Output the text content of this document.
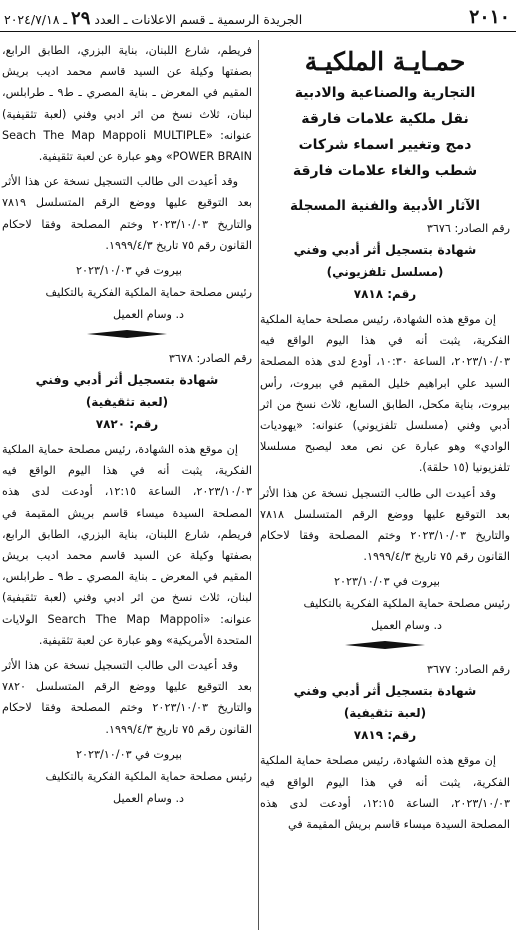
٢٠١٠
الجريدة الرسمية ـ قسم الاعلانات ـ العدد ٢٩ ـ ٢٠٢٤/٧/١٨
حمـايـة الملكيـة
التجارية والصناعية والادبية
نقل ملكية علامات فارقة
دمج وتغيير اسماء شركات
شطب والغاء علامات فارقة
الآثار الأدبية والفنية المسجلة
رقم الصادر: ٣٦٧٦
شهادة بتسجيل أثر أدبي وفني
(مسلسل تلفزيوني)
رقم: ٧٨١٨

إن موقع هذه الشهادة، رئيس مصلحة حماية الملكية الفكرية، يثبت أنه في هذا اليوم الواقع فيه ٢٠٢٣/١٠/٠٣، الساعة ١٠:٣٠، أودع لدى هذه المصلحة السيد علي ابراهيم خليل المقيم في بيروت، رأس بيروت، بناية مكحل، الطابق السابع، ثلاث نسخ من اثر أدبي وفني (مسلسل تلفزيوني) عنوانه: «يهوديات الوادي» وهو عبارة عن نص معد ليصبح مسلسلا تلفزيونيا (١٥ حلقة).

وقد أعيدت الى طالب التسجيل نسخة عن هذا الأثر بعد التوقيع عليها ووضع الرقم المتسلسل ٧٨١٨ والتاريخ ٢٠٢٣/١٠/٠٣ وختم المصلحة وفقا لاحكام القانون رقم ٧٥ تاريخ ١٩٩٩/٤/٣.

بيروت في ٢٠٢٣/١٠/٠٣
رئيس مصلحة حماية الملكية الفكرية بالتكليف
د. وسام العميل
رقم الصادر: ٣٦٧٧
شهادة بتسجيل أثر أدبي وفني
(لعبة تثقيفية)
رقم: ٧٨١٩

إن موقع هذه الشهادة، رئيس مصلحة حماية الملكية الفكرية، يثبت أنه في هذا اليوم الواقع فيه ٢٠٢٣/١٠/٠٣، الساعة ١٢:١٥، أودعت لدى هذه المصلحة السيدة ميساء قاسم بريش المقيمة في

فريطم، شارع اللبنان، بناية البزري، الطابق الرابع، بصفتها وكيلة عن السيد قاسم محمد اديب بريش المقيم في المعرض ـ بناية المصري ـ ط٩ ـ طرابلس، لبنان، ثلاث نسخ من اثر ادبي وفني (لعبة تثقيفية) عنوانه: «Seach The Map Mappoli MULTIPLE POWER BRAIN» وهو عبارة عن لعبة تثقيفية.

وقد أعيدت الى طالب التسجيل نسخة عن هذا الأثر بعد التوقيع عليها ووضع الرقم المتسلسل ٧٨١٩ والتاريخ ٢٠٢٣/١٠/٠٣ وختم المصلحة وفقا لاحكام القانون رقم ٧٥ تاريخ ١٩٩٩/٤/٣.

بيروت في ٢٠٢٣/١٠/٠٣
رئيس مصلحة حماية الملكية الفكرية بالتكليف
د. وسام العميل
رقم الصادر: ٣٦٧٨
شهادة بتسجيل أثر أدبي وفني
(لعبة تثقيفية)
رقم: ٧٨٢٠

إن موقع هذه الشهادة، رئيس مصلحة حماية الملكية الفكرية، يثبت أنه في هذا اليوم الواقع فيه ٢٠٢٣/١٠/٠٣، الساعة ١٢:١٥، أودعت لدى هذه المصلحة السيدة ميساء قاسم بريش المقيمة في فريطم، شارع اللبنان، بناية البزري، الطابق الرابع، بصفتها وكيلة عن السيد قاسم محمد اديب بريش المقيم في المعرض ـ بناية المصري ـ ط٩ ـ طرابلس، لبنان، ثلاث نسخ من اثر ادبي وفني (لعبة تثقيفية) عنوانه: «Search The Map Mappoli الولايات المتحدة الأمريكية» وهو عبارة عن لعبة تثقيفية.

وقد أعيدت الى طالب التسجيل نسخة عن هذا الأثر بعد التوقيع عليها ووضع الرقم المتسلسل ٧٨٢٠ والتاريخ ٢٠٢٣/١٠/٠٣ وختم المصلحة وفقا لاحكام القانون رقم ٧٥ تاريخ ١٩٩٩/٤/٣.

بيروت في ٢٠٢٣/١٠/٠٣
رئيس مصلحة حماية الملكية الفكرية بالتكليف
د. وسام العميل
